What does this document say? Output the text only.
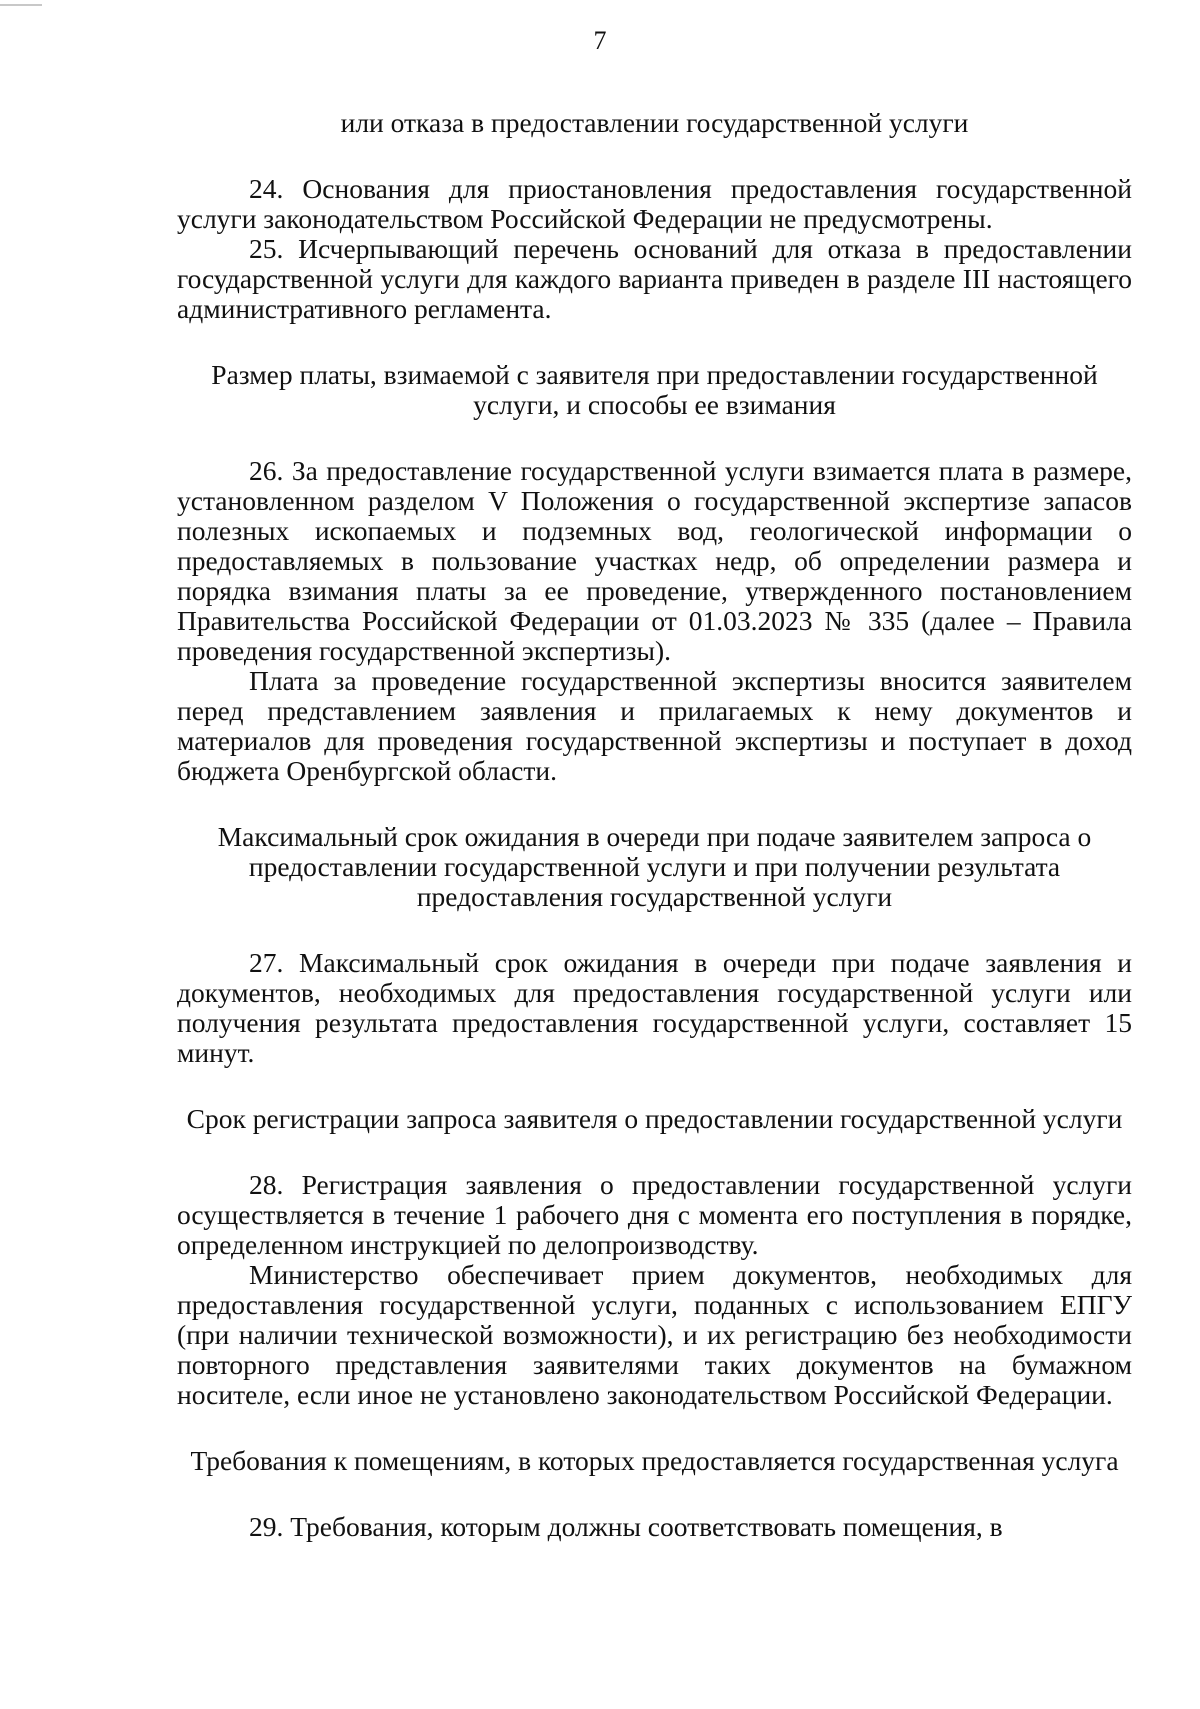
7

или отказа в предоставлении государственной услуги

24. Основания для приостановления предоставления государственной услуги законодательством Российской Федерации не предусмотрены.

25. Исчерпывающий перечень оснований для отказа в предоставлении государственной услуги для каждого варианта приведен в разделе III настоящего административного регламента.

Размер платы, взимаемой с заявителя при предоставлении государственной услуги, и способы ее взимания

26. За предоставление государственной услуги взимается плата в размере, установленном разделом V Положения о государственной экспертизе запасов полезных ископаемых и подземных вод, геологической информации о предоставляемых в пользование участках недр, об определении размера и порядка взимания платы за ее проведение, утвержденного постановлением Правительства Российской Федерации от 01.03.2023 № 335 (далее – Правила проведения государственной экспертизы).

Плата за проведение государственной экспертизы вносится заявителем перед представлением заявления и прилагаемых к нему документов и материалов для проведения государственной экспертизы и поступает в доход бюджета Оренбургской области.

Максимальный срок ожидания в очереди при подаче заявителем запроса о предоставлении государственной услуги и при получении результата предоставления государственной услуги

27. Максимальный срок ожидания в очереди при подаче заявления и документов, необходимых для предоставления государственной услуги или получения результата предоставления государственной услуги, составляет 15 минут.

Срок регистрации запроса заявителя о предоставлении государственной услуги

28. Регистрация заявления о предоставлении государственной услуги осуществляется в течение 1 рабочего дня с момента его поступления в порядке, определенном инструкцией по делопроизводству.

Министерство обеспечивает прием документов, необходимых для предоставления государственной услуги, поданных с использованием ЕПГУ (при наличии технической возможности), и их регистрацию без необходимости повторного представления заявителями таких документов на бумажном носителе, если иное не установлено законодательством Российской Федерации.

Требования к помещениям, в которых предоставляется государственная услуга

29. Требования, которым должны соответствовать помещения, в
